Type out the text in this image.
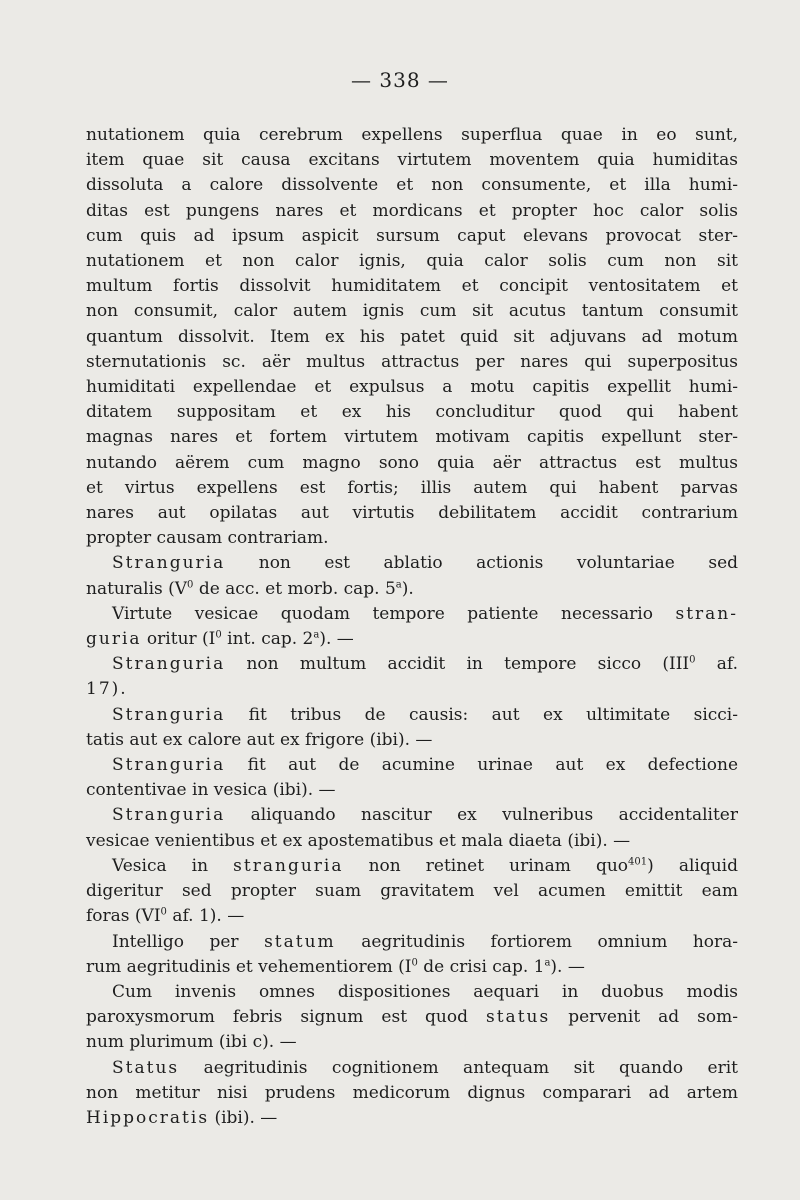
— 338 —
nutationem quia cerebrum expellens superflua quae in eo sunt,
item quae sit causa excitans virtutem moventem quia humiditas
dissoluta a calore dissolvente et non consumente, et illa humi-
ditas est pungens nares et mordicans et propter hoc calor solis
cum quis ad ipsum aspicit sursum caput elevans provocat ster-
nutationem et non calor ignis, quia calor solis cum non sit
multum fortis dissolvit humiditatem et concipit ventositatem et
non consumit, calor autem ignis cum sit acutus tantum consumit
quantum dissolvit. Item ex his patet quid sit adjuvans ad motum
sternutationis sc. aër multus attractus per nares qui superpositus
humiditati expellendae et expulsus a motu capitis expellit humi-
ditatem suppositam et ex his concluditur quod qui habent
magnas nares et fortem virtutem motivam capitis expellunt ster-
nutando aërem cum magno sono quia aër attractus est multus
et virtus expellens est fortis; illis autem qui habent parvas
nares aut opilatas aut virtutis debilitatem accidit contrarium
propter causam contrariam.
Stranguria non est ablatio actionis voluntariae sed
naturalis ($V^0$ de acc. et morb. cap. 5$^a$).
Virtute vesicae quodam tempore patiente necessario stran-
guria oritur ($I^0$ int. cap. 2$^a$). —
Stranguria non multum accidit in tempore sicco (III$^0$ af.
17).
Stranguria fit tribus de causis: aut ex ultimitate sicci-
tatis aut ex calore aut ex frigore (ibi). —
Stranguria fit aut de acumine urinae aut ex defectione
contentivae in vesica (ibi). —
Stranguria aliquando nascitur ex vulneribus accidentaliter
vesicae venientibus et ex apostematibus et mala diaeta (ibi). —
Vesica in stranguria non retinet urinam quo$^{401}$) aliquid
digeritur sed propter suam gravitatem vel acumen emittit eam
foras ($VI^0$ af. 1). —
Intelligo per statum aegritudinis fortiorem omnium hora-
rum aegritudinis et vehementiorem ($I^0$ de crisi cap. 1$^a$). —
Cum invenis omnes dispositiones aequari in duobus modis
paroxysmorum febris signum est quod status pervenit ad som-
num plurimum (ibi c). —
Status aegritudinis cognitionem antequam sit quando erit
non metitur nisi prudens medicorum dignus comparari ad artem
Hippocratis (ibi). —
